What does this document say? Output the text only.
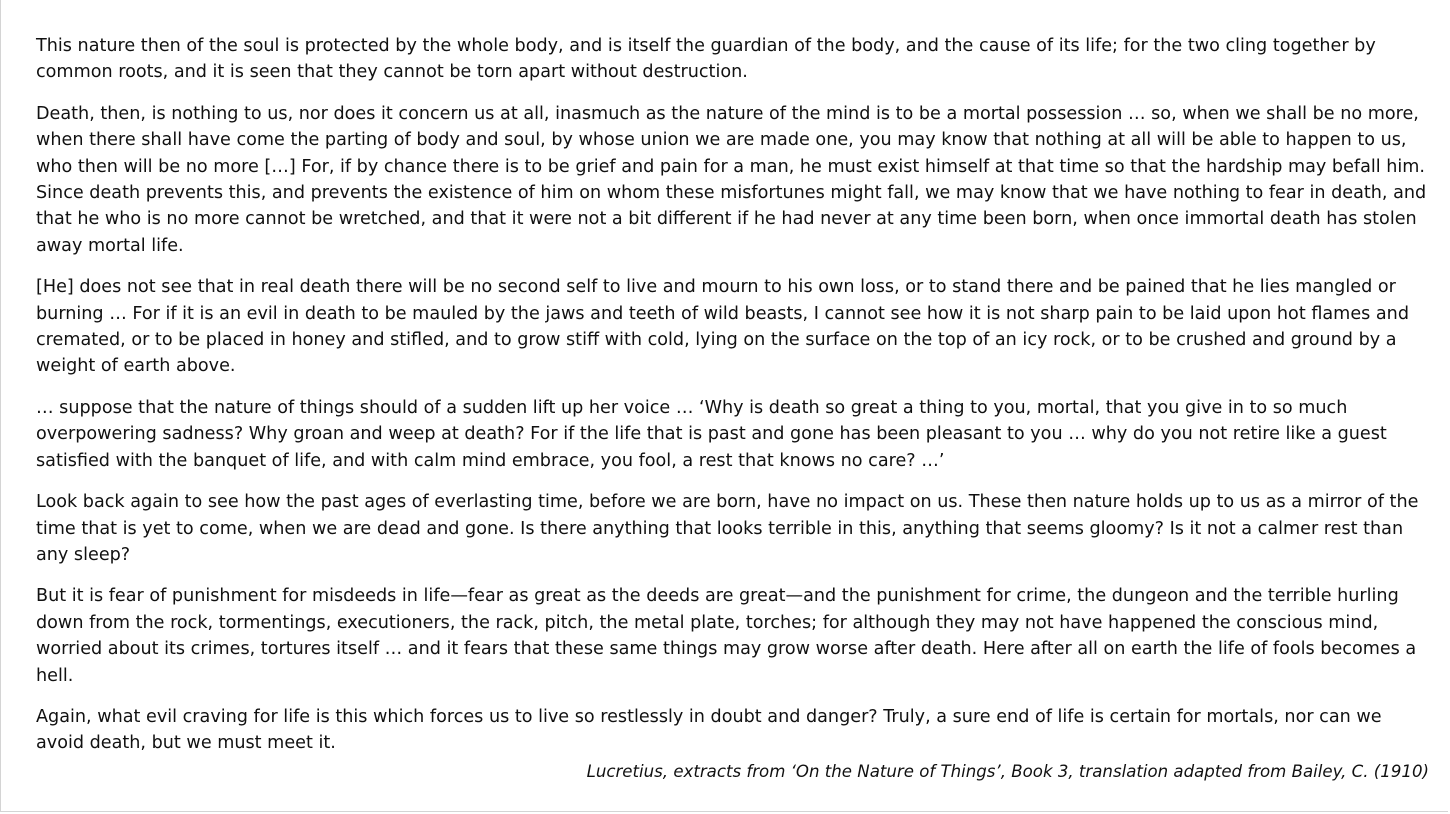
This nature then of the soul is protected by the whole body, and is itself the guardian of the body, and the cause of its life; for the two cling together by common roots, and it is seen that they cannot be torn apart without destruction.

Death, then, is nothing to us, nor does it concern us at all, inasmuch as the nature of the mind is to be a mortal possession … so, when we shall be no more, when there shall have come the parting of body and soul, by whose union we are made one, you may know that nothing at all will be able to happen to us, who then will be no more […] For, if by chance there is to be grief and pain for a man, he must exist himself at that time so that the hardship may befall him. Since death prevents this, and prevents the existence of him on whom these misfortunes might fall, we may know that we have nothing to fear in death, and that he who is no more cannot be wretched, and that it were not a bit different if he had never at any time been born, when once immortal death has stolen away mortal life.

[He] does not see that in real death there will be no second self to live and mourn to his own loss, or to stand there and be pained that he lies mangled or burning … For if it is an evil in death to be mauled by the jaws and teeth of wild beasts, I cannot see how it is not sharp pain to be laid upon hot flames and cremated, or to be placed in honey and stifled, and to grow stiff with cold, lying on the surface on the top of an icy rock, or to be crushed and ground by a weight of earth above.

… suppose that the nature of things should of a sudden lift up her voice … ‘Why is death so great a thing to you, mortal, that you give in to so much overpowering sadness? Why groan and weep at death? For if the life that is past and gone has been pleasant to you … why do you not retire like a guest satisfied with the banquet of life, and with calm mind embrace, you fool, a rest that knows no care? …’

Look back again to see how the past ages of everlasting time, before we are born, have no impact on us. These then nature holds up to us as a mirror of the time that is yet to come, when we are dead and gone. Is there anything that looks terrible in this, anything that seems gloomy? Is it not a calmer rest than any sleep?

But it is fear of punishment for misdeeds in life—fear as great as the deeds are great—and the punishment for crime, the dungeon and the terrible hurling down from the rock, tormentings, executioners, the rack, pitch, the metal plate, torches; for although they may not have happened the conscious mind, worried about its crimes, tortures itself … and it fears that these same things may grow worse after death. Here after all on earth the life of fools becomes a hell.

Again, what evil craving for life is this which forces us to live so restlessly in doubt and danger? Truly, a sure end of life is certain for mortals, nor can we avoid death, but we must meet it.

Lucretius, extracts from ‘On the Nature of Things’, Book 3, translation adapted from Bailey, C. (1910)
